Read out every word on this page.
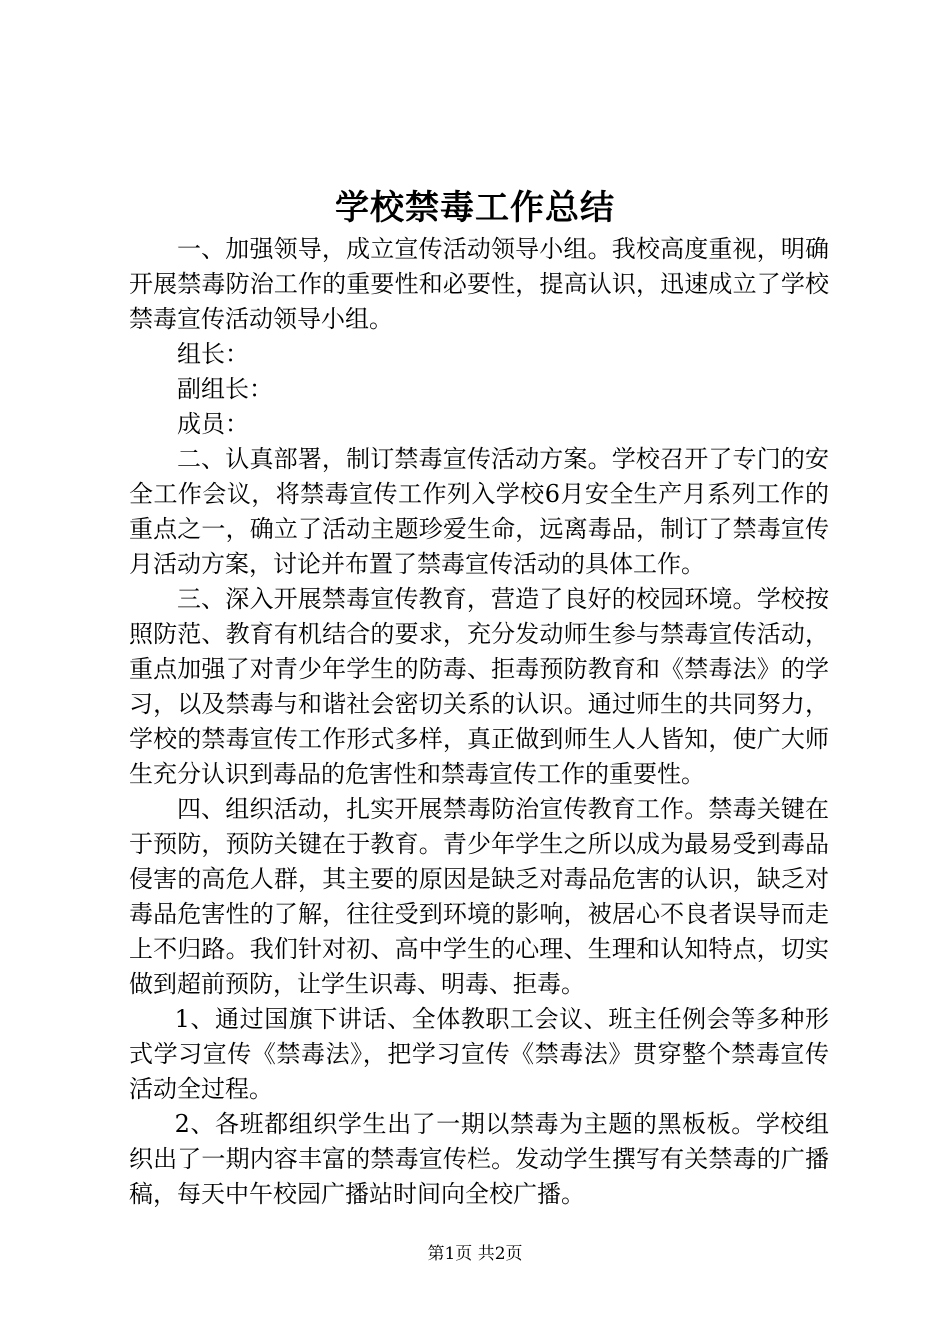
学校禁毒工作总结

一、加强领导，成立宣传活动领导小组。我校高度重视，明确开展禁毒防治工作的重要性和必要性，提高认识，迅速成立了学校禁毒宣传活动领导小组。

组长：

副组长：

成员：

二、认真部署，制订禁毒宣传活动方案。学校召开了专门的安全工作会议，将禁毒宣传工作列入学校6月安全生产月系列工作的重点之一，确立了活动主题珍爱生命，远离毒品，制订了禁毒宣传月活动方案，讨论并布置了禁毒宣传活动的具体工作。

三、深入开展禁毒宣传教育，营造了良好的校园环境。学校按照防范、教育有机结合的要求，充分发动师生参与禁毒宣传活动，重点加强了对青少年学生的防毒、拒毒预防教育和《禁毒法》的学习，以及禁毒与和谐社会密切关系的认识。通过师生的共同努力，学校的禁毒宣传工作形式多样，真正做到师生人人皆知，使广大师生充分认识到毒品的危害性和禁毒宣传工作的重要性。

四、组织活动，扎实开展禁毒防治宣传教育工作。禁毒关键在于预防，预防关键在于教育。青少年学生之所以成为最易受到毒品侵害的高危人群，其主要的原因是缺乏对毒品危害的认识，缺乏对毒品危害性的了解，往往受到环境的影响，被居心不良者误导而走上不归路。我们针对初、高中学生的心理、生理和认知特点，切实做到超前预防，让学生识毒、明毒、拒毒。

1、通过国旗下讲话、全体教职工会议、班主任例会等多种形式学习宣传《禁毒法》，把学习宣传《禁毒法》贯穿整个禁毒宣传活动全过程。

2、各班都组织学生出了一期以禁毒为主题的黑板板。学校组织出了一期内容丰富的禁毒宣传栏。发动学生撰写有关禁毒的广播稿，每天中午校园广播站时间向全校广播。

第1页 共2页
